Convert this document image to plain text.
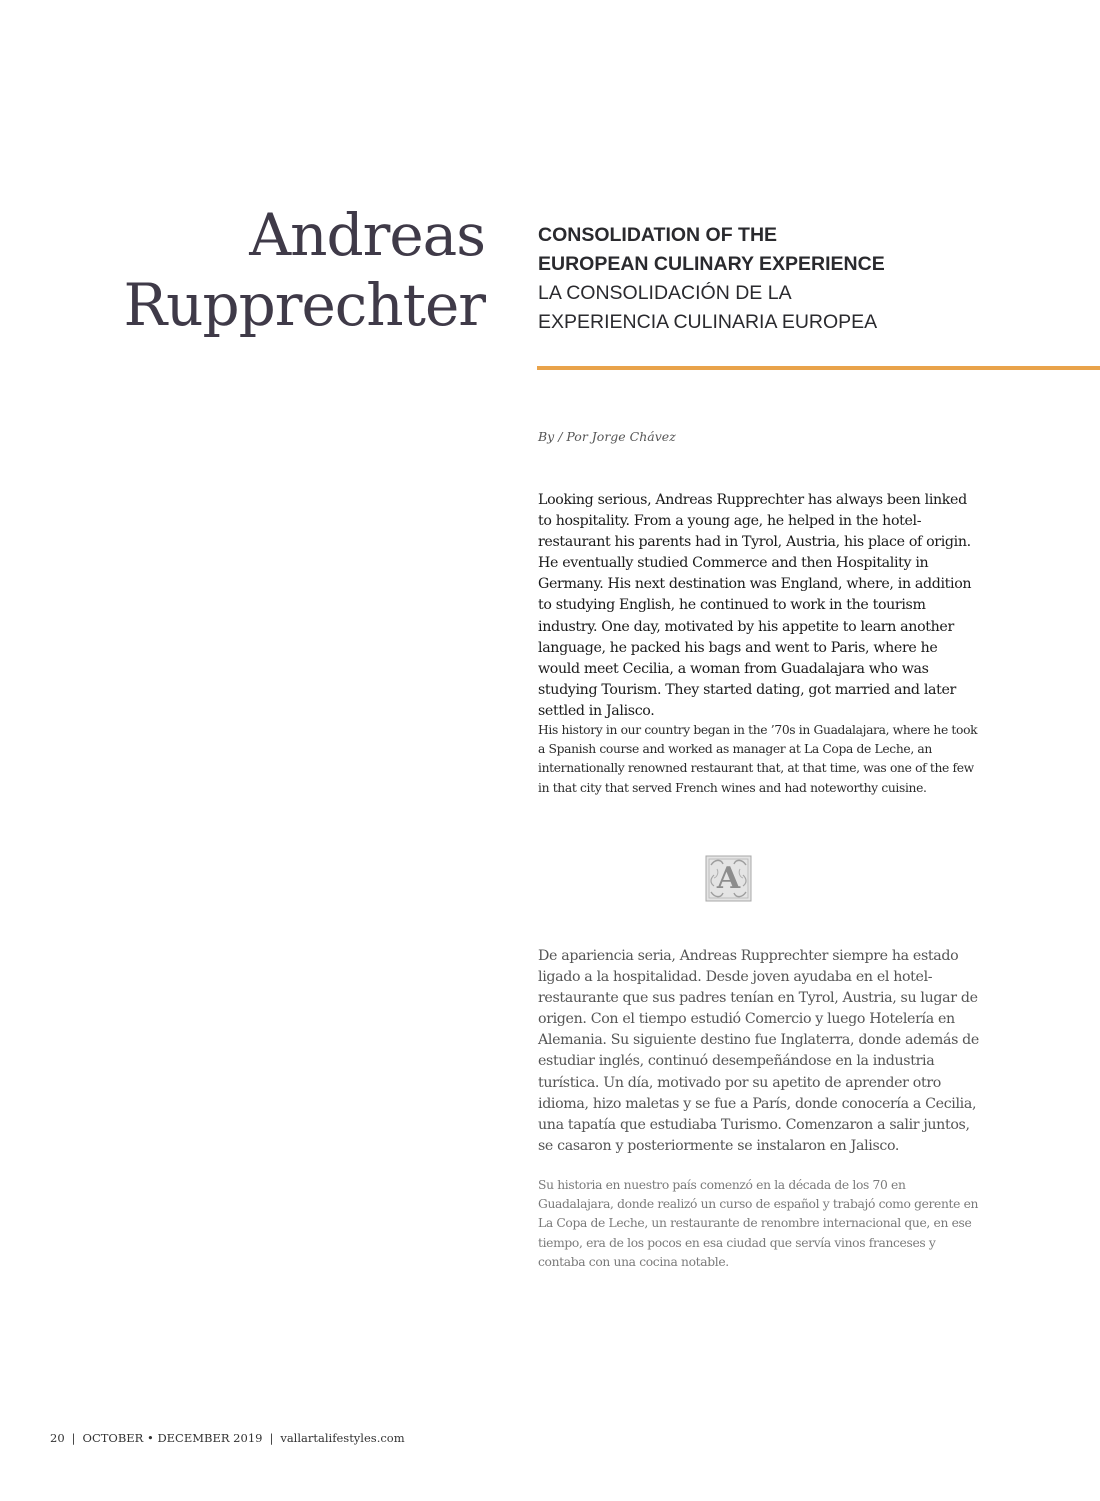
Andreas
Rupprechter
CONSOLIDATION OF THE
EUROPEAN CULINARY EXPERIENCE
LA CONSOLIDACIÓN DE LA
EXPERIENCIA CULINARIA EUROPEA

By / Por Jorge Chávez

Looking serious, Andreas Rupprechter has always been linked to hospitality. From a young age, he helped in the hotel-restaurant his parents had in Tyrol, Austria, his place of origin. He eventually studied Commerce and then Hospitality in Germany. His next destination was England, where, in addition to studying English, he continued to work in the tourism industry. One day, motivated by his appetite to learn another language, he packed his bags and went to Paris, where he would meet Cecilia, a woman from Guadalajara who was studying Tourism. They started dating, got married and later settled in Jalisco.

His history in our country began in the ’70s in Guadalajara, where he took a Spanish course and worked as manager at La Copa de Leche, an internationally renowned restaurant that, at that time, was one of the few in that city that served French wines and had noteworthy cuisine.

A

De apariencia seria, Andreas Rupprechter siempre ha estado ligado a la hospitalidad. Desde joven ayudaba en el hotel-restaurante que sus padres tenían en Tyrol, Austria, su lugar de origen. Con el tiempo estudió Comercio y luego Hotelería en Alemania. Su siguiente destino fue Inglaterra, donde además de estudiar inglés, continuó desempeñándose en la industria turística. Un día, motivado por su apetito de aprender otro idioma, hizo maletas y se fue a París, donde conocería a Cecilia, una tapatía que estudiaba Turismo. Comenzaron a salir juntos, se casaron y posteriormente se instalaron en Jalisco.

Su historia en nuestro país comenzó en la década de los 70 en Guadalajara, donde realizó un curso de español y trabajó como gerente en La Copa de Leche, un restaurante de renombre internacional que, en ese tiempo, era de los pocos en esa ciudad que servía vinos franceses y contaba con una cocina notable.

20 | OCTOBER • DECEMBER 2019 | vallartalifestyles.com
